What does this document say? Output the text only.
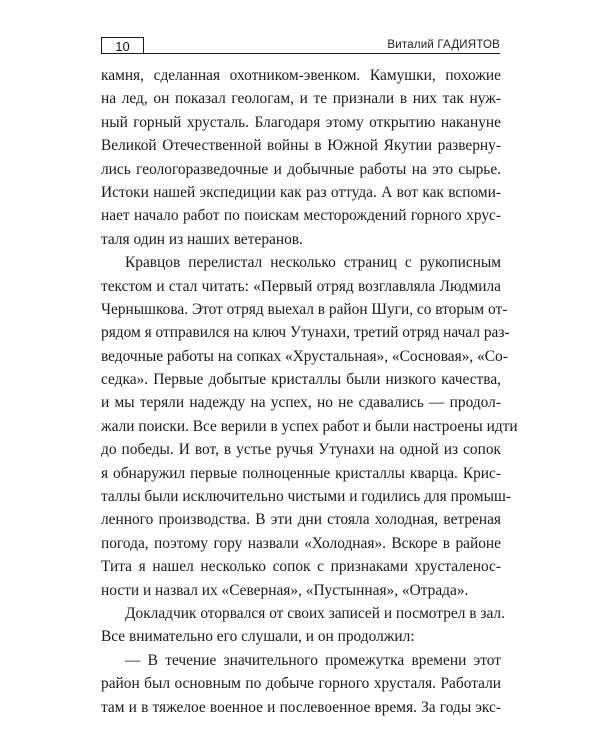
10	Виталий ГАДИЯТОВ
камня, сделанная охотником-эвенком. Камушки, похожие
на лед, он показал геологам, и те признали в них так нуж-
ный горный хрусталь. Благодаря этому открытию накануне
Великой Отечественной войны в Южной Якутии разверну-
лись геологоразведочные и добычные работы на это сырье.
Истоки нашей экспедиции как раз оттуда. А вот как вспоми-
нает начало работ по поискам месторождений горного хрус-
таля один из наших ветеранов.
Кравцов перелистал несколько страниц с рукописным
текстом и стал читать: «Первый отряд возглавляла Людмила
Чернышкова. Этот отряд выехал в район Шуги, со вторым от-
рядом я отправился на ключ Утунахи, третий отряд начал раз-
ведочные работы на сопках «Хрустальная», «Сосновая», «Со-
седка». Первые добытые кристаллы были низкого качества,
и мы теряли надежду на успех, но не сдавались — продол-
жали поиски. Все верили в успех работ и были настроены идти
до победы. И вот, в устье ручья Утунахи на одной из сопок
я обнаружил первые полноценные кристаллы кварца. Крис-
таллы были исключительно чистыми и годились для промыш-
ленного производства. В эти дни стояла холодная, ветреная
погода, поэтому гору назвали «Холодная». Вскоре в районе
Тита я нашел несколько сопок с признаками хрусталенос-
ности и назвал их «Северная», «Пустынная», «Отрада».
Докладчик оторвался от своих записей и посмотрел в зал.
Все внимательно его слушали, и он продолжил:
— В течение значительного промежутка времени этот
район был основным по добыче горного хрусталя. Работали
там и в тяжелое военное и послевоенное время. За годы экс-
